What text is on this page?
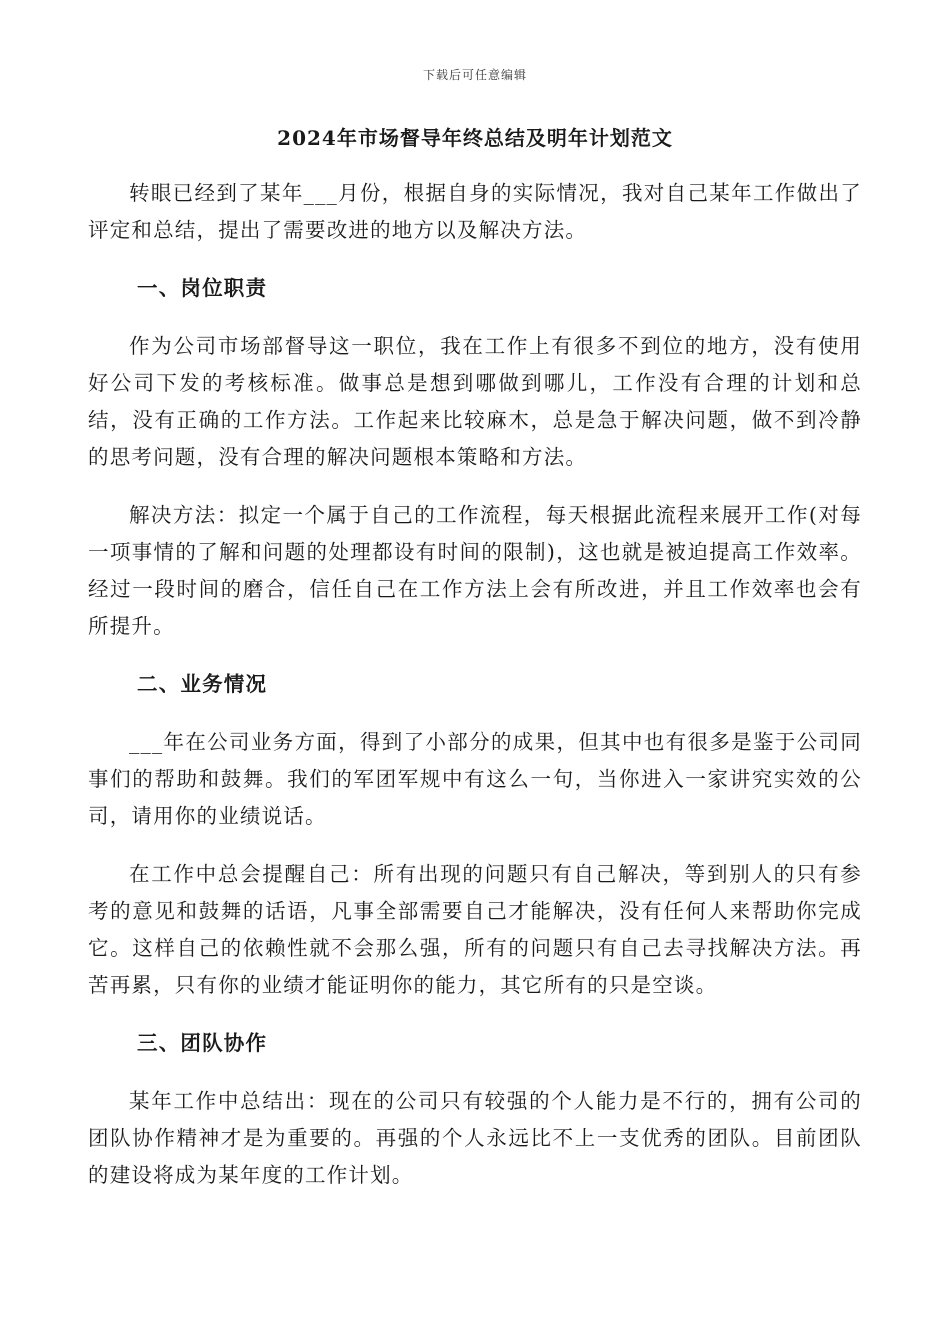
下载后可任意编辑
2024年市场督导年终总结及明年计划范文

转眼已经到了某年___月份，根据自身的实际情况，我对自己某年工作做出了评定和总结，提出了需要改进的地方以及解决方法。

一、岗位职责

作为公司市场部督导这一职位，我在工作上有很多不到位的地方，没有使用好公司下发的考核标准。做事总是想到哪做到哪儿，工作没有合理的计划和总结，没有正确的工作方法。工作起来比较麻木，总是急于解决问题，做不到冷静的思考问题，没有合理的解决问题根本策略和方法。

解决方法：拟定一个属于自己的工作流程，每天根据此流程来展开工作(对每一项事情的了解和问题的处理都设有时间的限制)，这也就是被迫提高工作效率。经过一段时间的磨合，信任自己在工作方法上会有所改进，并且工作效率也会有所提升。

二、业务情况

___年在公司业务方面，得到了小部分的成果，但其中也有很多是鉴于公司同事们的帮助和鼓舞。我们的军团军规中有这么一句，当你进入一家讲究实效的公司，请用你的业绩说话。

在工作中总会提醒自己：所有出现的问题只有自己解决，等到别人的只有参考的意见和鼓舞的话语，凡事全部需要自己才能解决，没有任何人来帮助你完成它。这样自己的依赖性就不会那么强，所有的问题只有自己去寻找解决方法。再苦再累，只有你的业绩才能证明你的能力，其它所有的只是空谈。

三、团队协作

某年工作中总结出：现在的公司只有较强的个人能力是不行的，拥有公司的团队协作精神才是为重要的。再强的个人永远比不上一支优秀的团队。目前团队的建设将成为某年度的工作计划。
